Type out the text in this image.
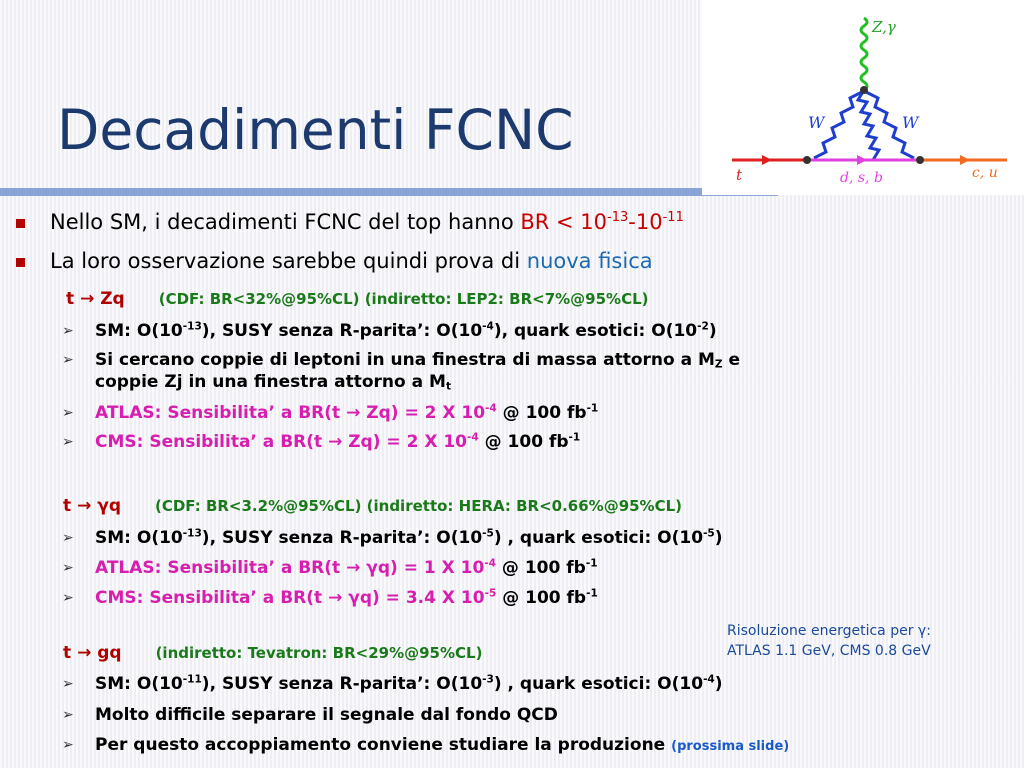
Decadimenti FCNC
Z,γ
W	W
t	d, s, b	c, u
Nello SM, i decadimenti FCNC del top hanno BR < $10^{-13}-10^{-11}$
La loro osservazione sarebbe quindi prova di nuova fisica
t → Zq (CDF: BR<32%@95%CL) (indiretto: LEP2: BR<7%@95%CL)
➢ SM: $O(10^{-13})$, SUSY senza R-parita’: $O(10^{-4})$, quark esotici: $O(10^{-2})$
➢ Si cercano coppie di leptoni in una finestra di massa attorno a $M_Z$ e
coppie Zj in una finestra attorno a $M_t$
➢ ATLAS: Sensibilita’ a BR(t → Zq) = 2 X $10^{-4}$ @ 100 $fb^{-1}$
➢ CMS: Sensibilita’ a BR(t → Zq) = 2 X $10^{-4}$ @ 100 $fb^{-1}$
t → γq (CDF: BR<3.2%@95%CL) (indiretto: HERA: BR<0.66%@95%CL)
➢ SM: $O(10^{-13})$, SUSY senza R-parita’: $O(10^{-5})$ , quark esotici: $O(10^{-5})$
➢ ATLAS: Sensibilita’ a BR(t → γq) = 1 X $10^{-4}$ @ 100 $fb^{-1}$
➢ CMS: Sensibilita’ a BR(t → γq) = 3.4 X $10^{-5}$ @ 100 $fb^{-1}$
t → gq (indiretto: Tevatron: BR<29%@95%CL)
➢ SM: $O(10^{-11})$, SUSY senza R-parita’: $O(10^{-3})$ , quark esotici: $O(10^{-4})$
➢ Molto difficile separare il segnale dal fondo QCD
➢ Per questo accoppiamento conviene studiare la produzione (prossima slide)
Risoluzione energetica per γ:
ATLAS 1.1 GeV, CMS 0.8 GeV
